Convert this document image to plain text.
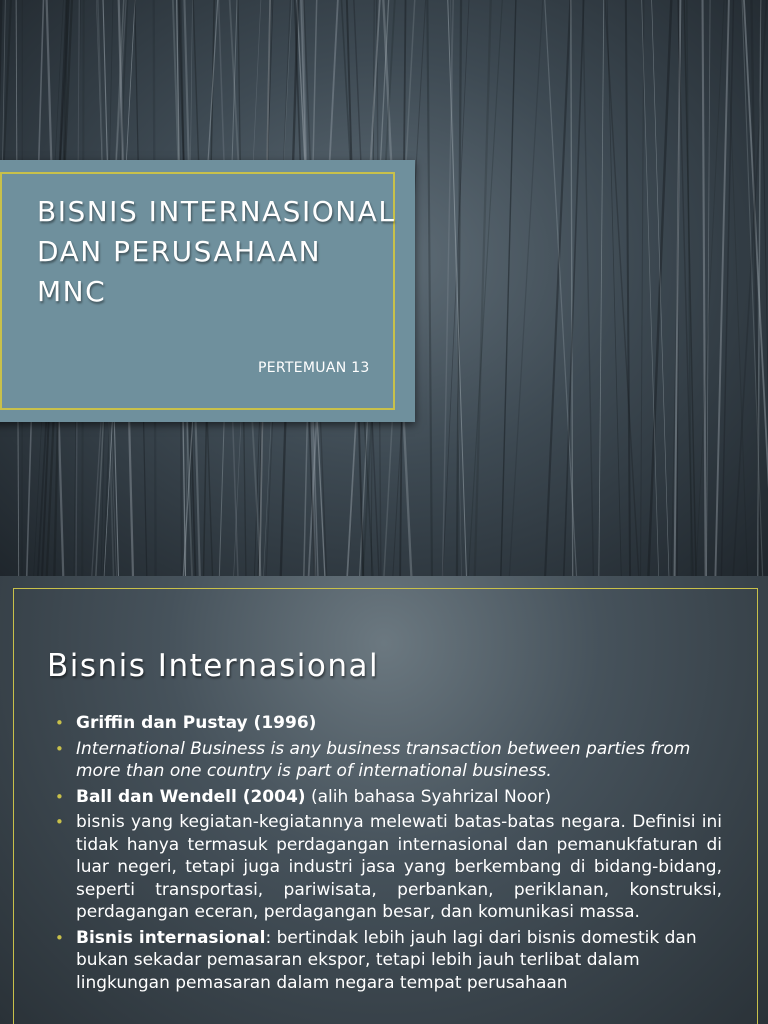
BISNIS INTERNASIONAL
DAN PERUSAHAAN
MNC
PERTEMUAN 13
Bisnis Internasional
• Griffin dan Pustay (1996)
• International Business is any business transaction between parties from more than one country is part of international business.
• Ball dan Wendell (2004) (alih bahasa Syahrizal Noor)
• bisnis yang kegiatan-kegiatannya melewati batas-batas negara. Definisi ini tidak hanya termasuk perdagangan internasional dan pemanukfaturan di luar negeri, tetapi juga industri jasa yang berkembang di bidang-bidang, seperti transportasi, pariwisata, perbankan, periklanan, konstruksi, perdagangan eceran, perdagangan besar, dan komunikasi massa.
• Bisnis internasional: bertindak lebih jauh lagi dari bisnis domestik dan bukan sekadar pemasaran ekspor, tetapi lebih jauh terlibat dalam lingkungan pemasaran dalam negara tempat perusahaan
